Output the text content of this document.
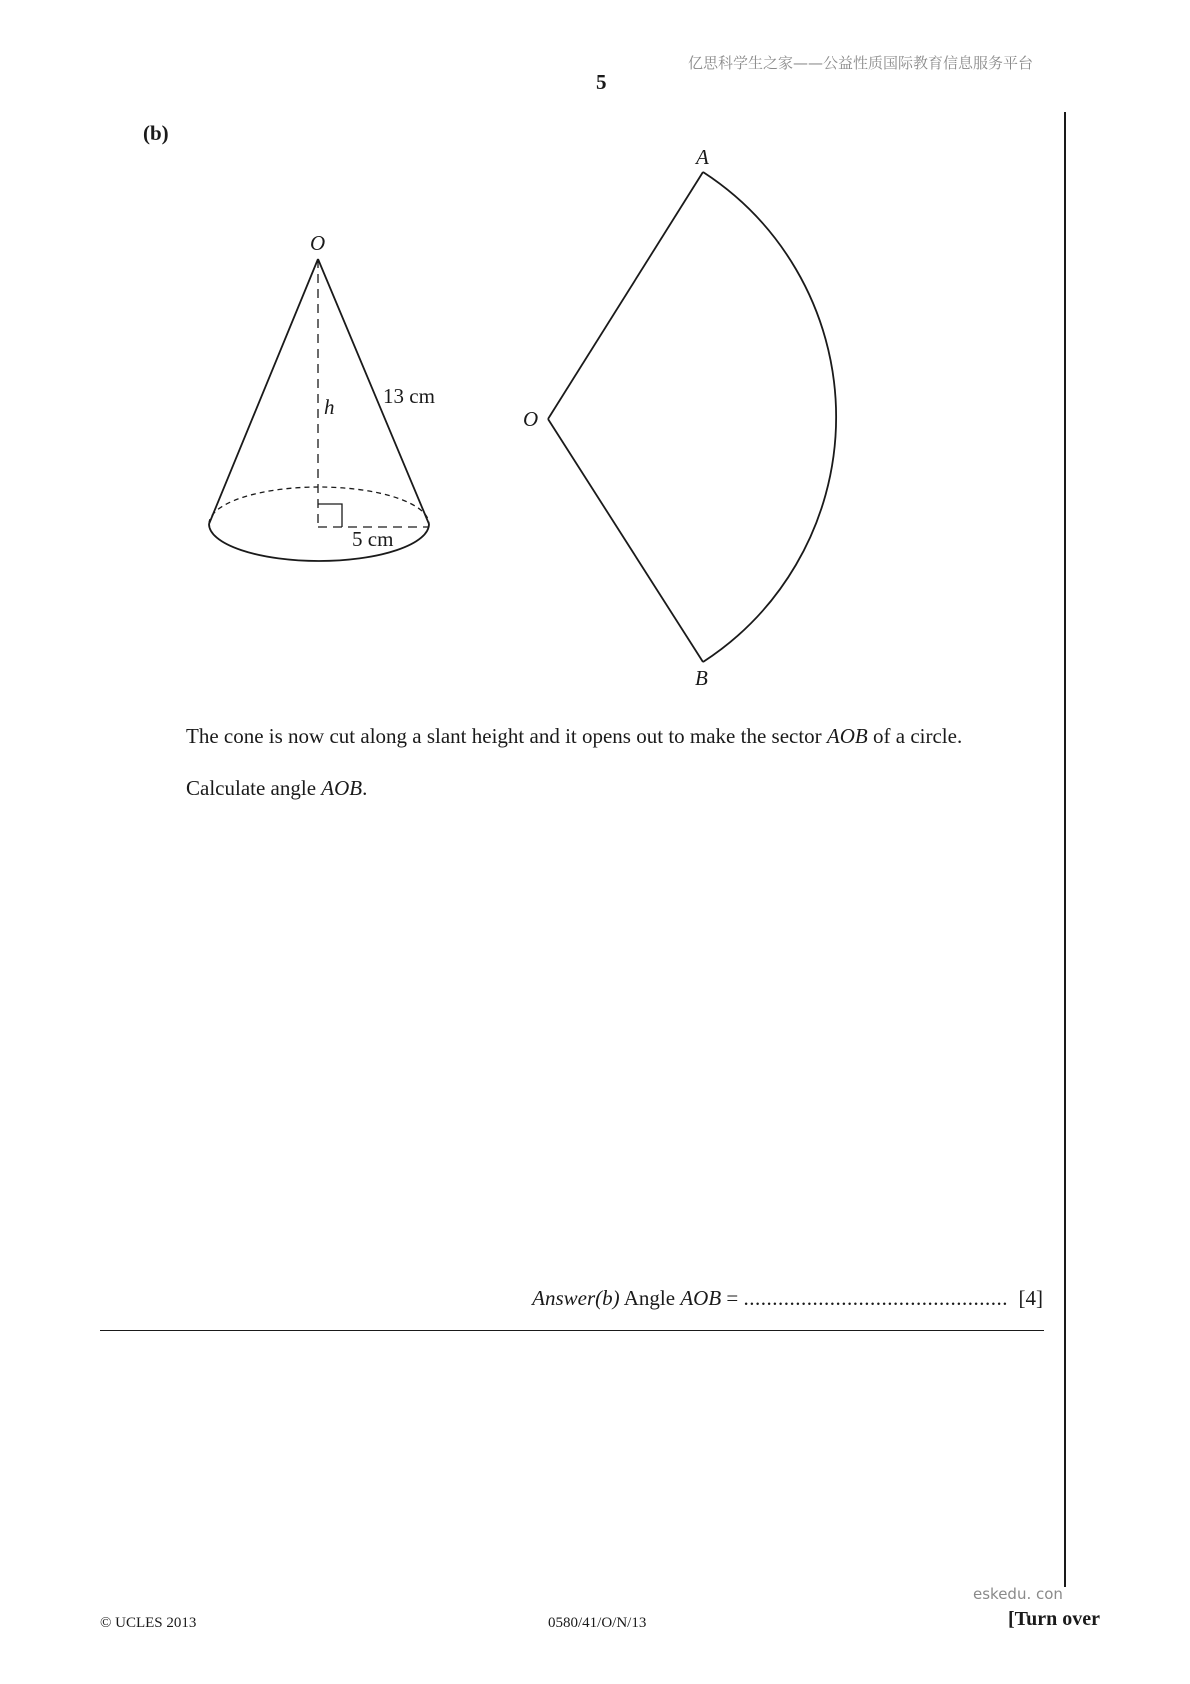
亿思科学生之家——公益性质国际教育信息服务平台
5
(b)
O
h 13 cm
5 cm
A
O
B
The cone is now cut along a slant height and it opens out to make the sector AOB of a circle.
Calculate angle AOB.
Answer(b) Angle AOB = .............................................. [4]
eskedu. con
© UCLES 2013	0580/41/O/N/13	[Turn over
